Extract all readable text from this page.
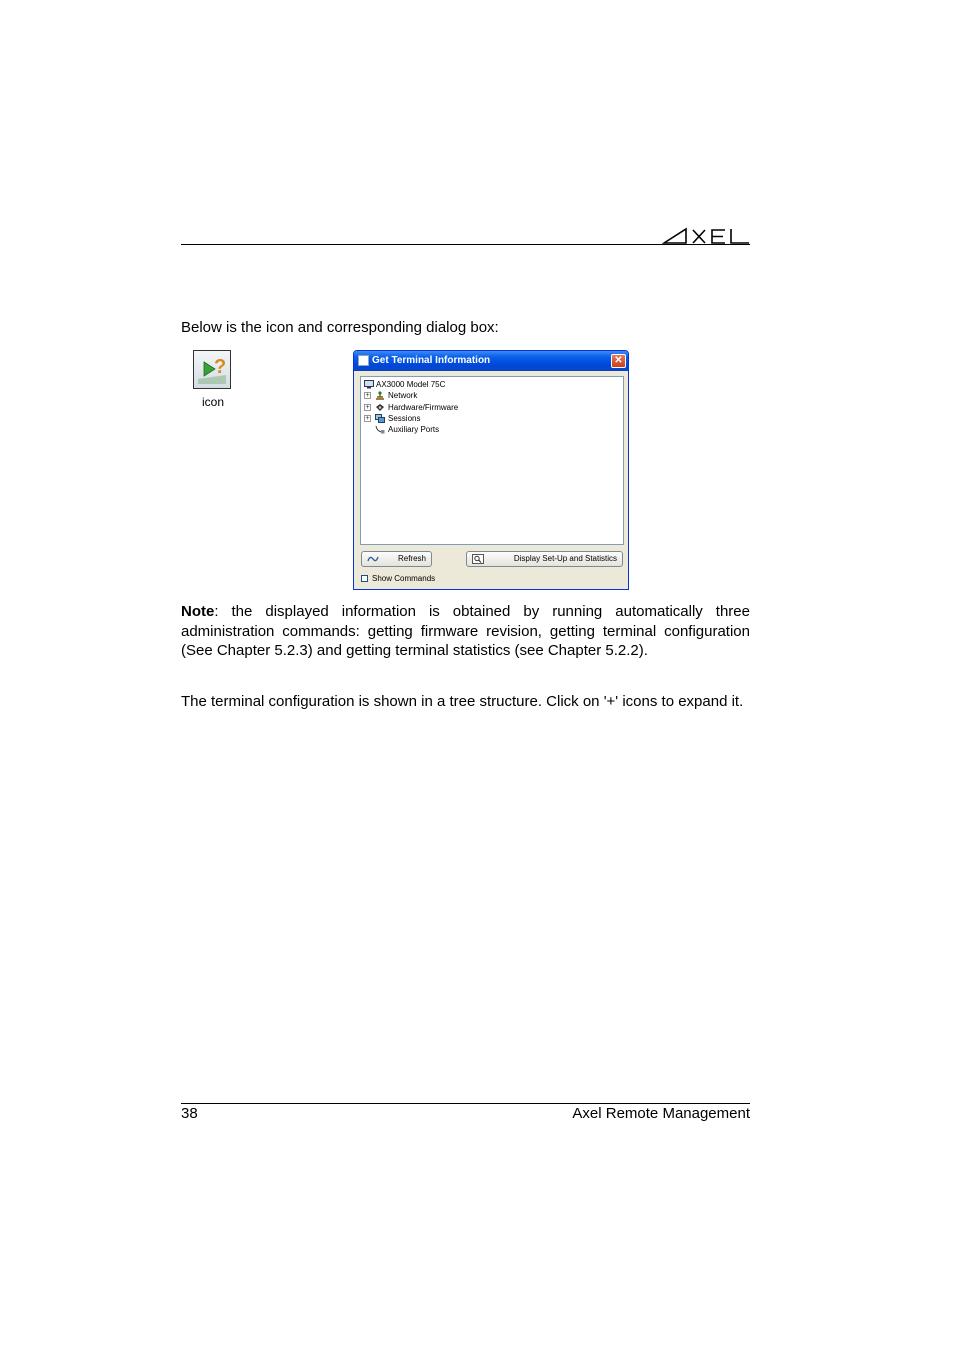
Below is the icon and corresponding dialog box:
?
icon
Get Terminal Information	✕
AX3000 Model 75C
+ Network
+ Hardware/Firmware
+ Sessions
Auxiliary Ports
Refresh	Display Set-Up and Statistics
Show Commands
Note: the displayed information is obtained by running automatically three administration commands: getting firmware revision, getting terminal configuration (See Chapter 5.2.3) and getting terminal statistics (see Chapter 5.2.2).
The terminal configuration is shown in a tree structure. Click on '+' icons to expand it.
38	Axel Remote Management
